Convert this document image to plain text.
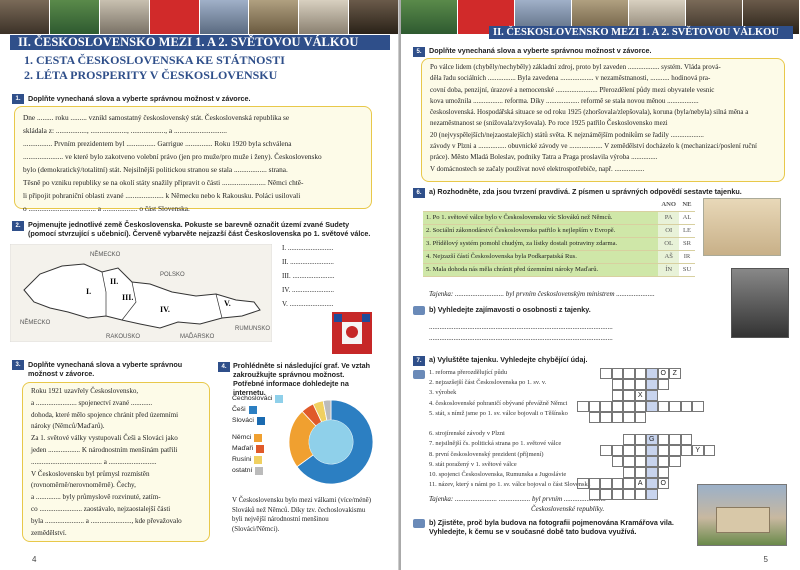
II. ČESKOSLOVENSKO MEZI 1. A 2. SVĚTOVOU VÁLKOU
1. CESTA ČESKOSLOVENSKA KE STÁTNOSTI
2. LÉTA PROSPERITY V ČESKOSLOVENSKU
1.	Doplňte vynechaná slova a vyberte správnou možnost v závorce.

Dne ......... roku ......... vznikl samostatný československý stát. Československá republika se

skládala z: ................., ...................., ..................., a .............................

................ Prvním prezidentem byl ................ Garrigue ............... Roku 1920 byla schválena

...................... ve které bylo zakotveno volební právo (jen pro muže/pro muže i ženy). Československo

bylo (demokratický/totalitní) stát. Nejsilnější politickou stranou se stala .................. strana.

Těsně po vzniku republiky se na okolí státy snažily připravit o části ........................ Němci chtě-

li připojit pohraniční oblasti zvané ..................... k Německu nebo k Rakousku. Poláci usilovali

o ..................................... a ................... o část Slovenska.

2.	Pojmenujte jednotlivé země Československa. Pokuste se barevně označit území zvané Sudety (pomocí stvrzující s učebnicí). Červeně vybarvěte nejzazší část Československa po 1. světové válce.
NĚMECKO
POLSKO
NĚMECKO
RAKOUSKO	MAĎARSKO
RUMUNSKO
I.
II.
III.
IV.
V.
I. ..........................
II. .........................
III. ........................
IV. ........................
V. .........................
3.	Doplňte vynechaná slova a vyberte správnou možnost v závorce.

Roku 1921 uzavřely Československo,

a ....................... spojenectví zvané ............

dohoda, které mělo spojence chránit před územními

nároky (Němců/Maďarů).

Za 1. světové války vystupovali Češi a Slováci jako

jeden .................. K národnostním menšinám patřili

........................................ a ...........................

V Československu byl průmysl rozmístěn

(rovnoměrně/nerovnoměrně). Čechy,

a .............. byly průmyslově rozvinuté, zatím-

co ........................ zaostávalo, nejzaostalejší části

byla ...................... a ......................., kde převažovalo

zemědělství.

4. Prohlédněte si následující graf. Ve vztah zakroužkujte správnou možnost. Potřebné informace dohledejte na internetu.
Čechoslováci
Češi
Slováci
Němci
Maďaři
Rusíni
ostatní
V Československu bylo mezi válkami (více/méně) Slováků než Němců. Díky tzv. čechoslovakismu byli nejvější národnostní menšinou (Slováci/Němci).
4
II. ČESKOSLOVENSKO MEZI 1. A 2. SVĚTOVOU VÁLKOU
5.	Doplňte vynechaná slova a vyberte správnou možnost v závorce.

Po válce lidem (chyběly/nechyběly) základní zdroj, proto byl zaveden .................. systém. Vláda prová-

děla řadu sociálních ................ Byla zavedena ................... v nezaměstnanosti, ........... hodinová pra-

covní doba, penzijní, úrazové a nemocenské ........................ Přerozdělení půdy mezi obyvatele vesnic

kova umožnila ................. reforma. Díky ................... reformě se stala novou měnou ..................

československá. Hospodářská situace se od roku 1925 (zhoršovala/zlepšovala), koruna (byla/nebyla) silná měna a nezaměstnanost se (snižovala/zvyšovala). Po roce 1925 patřilo Československo mezi

20 (nejvyspělejších/nejzaostalejších) států světa. K nejznámějším podnikům se řadily ...................

závody v Plzni a ................ obuvnické závody ve ................... V zemědělství docházelo k (mechanizaci/poslení ruční práce). Město Mladá Boleslav, podniky Tatra a Praga proslavila výroba ...............

V domácnostech se začaly používat nové elektrospotřebiče, např. .................

6.	a) Rozhodněte, zda jsou tvrzení pravdivá. Z písmen u správných odpovědí sestavte tajenku.
	ANO	NE
1. Po 1. světové válce bylo v Československu víc Slováků než Němců.	PA	AL
2. Sociální zákonodárství Československa patřilo k nejlepším v Evropě.	OI	LE
3. Přídělový systém pomohl chudým, za lístky dostali potraviny zdarma.	OL	SR
4. Nejzazší částí Československa byla Podkarpatská Rus.	AŠ	IR
5. Mala dohoda nás měla chránit před územními nároky Maďarů.	ÍN	SU
Tajenka: ............................ byl prvním československým ministrem ......................
b) Vyhledejte zajímavosti o osobnosti z tajenky.
.........................................................................................................
.........................................................................................................
7.	a) Vyluštěte tajenku. Vyhledejte chybějící údaj.
1. reforma přerozdělující půdu
2. nejzazšejší část Československa po 1. sv. v.
3. výrobek
4. československé pohraničí obývané převážně Němci
5. stát, s nímž jsme po 1. sv. válce bojovali o Těšínsko
6. strojírenské závody v Plzni
7. nejsilnější čs. politická strana po 1. světové válce
8. první československý prezident (příjmení)
9. stát poražený v 1. světové válce
10. spojenci Československa, Rumunska a Jugoslávie
11. název, který s námi po 1. sv. válce bojoval o část Slovenska
O Z
X
G
Y
A	O
Tajenka: ........................ .................. byl prvním ........................
Československé republiky.
b) Zjistěte, proč byla budova na fotografii pojmenována Kramářova vila. Vyhledejte, k čemu se v současné době tato budova využívá.
5
